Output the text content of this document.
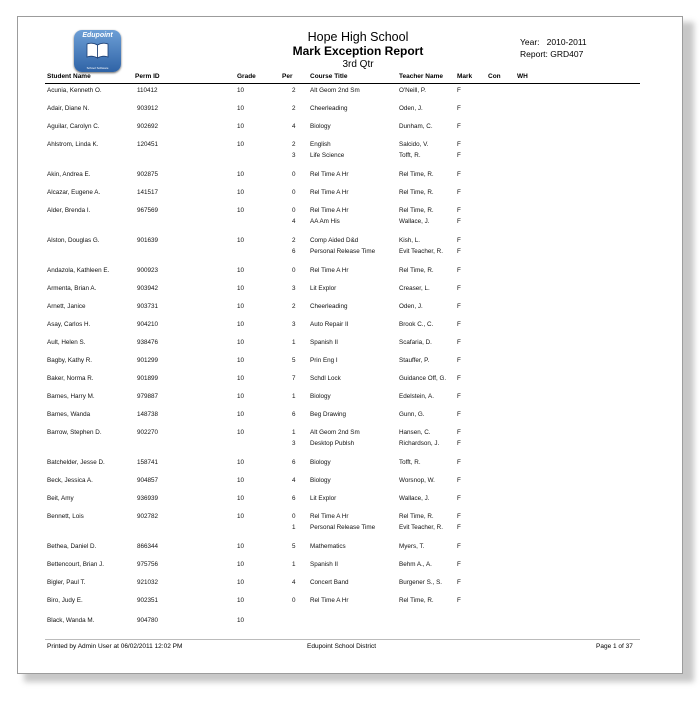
Edupoint
School Software
Hope High School
Mark Exception Report
3rd Qtr
Year: 2010-2011
Report: GRD407
Student Name	Perm ID	Grade	Per	Course Title	Teacher Name Mark Con	WH
Acunia, Kenneth O.	110412	10	2 Alt Geom 2nd Sm	O'Neill, P.	F
Adair, Diane N.	903912	10	2 Cheerleading	Oden, J.	F
Aguilar, Carolyn C.	902692	10	4 Biology	Dunham, C.	F
Ahlstrom, Linda K.	120451	10	2 English	Salcido, V.	F
3 Life Science	Tofft, R.	F
Akin, Andrea E.	902875	10	0 Rel Time A Hr	Rel Time, R.	F
Alcazar, Eugene A.	141517	10	0 Rel Time A Hr	Rel Time, R.	F
Alder, Brenda I.	967569	10	0 Rel Time A Hr	Rel Time, R.	F
4 AA Am His	Wallace, J.	F
Alston, Douglas G.	901639	10	2 Comp Aided D&d	Kish, L.	F
6 Personal Release Time	Evit Teacher, R. F
Andazola, Kathleen E.	900923	10	0 Rel Time A Hr	Rel Time, R.	F
Armenta, Brian A.	903942	10	3 Lit Explor	Creaser, L.	F
Arnett, Janice	903731	10	2 Cheerleading	Oden, J.	F
Asay, Carlos H.	904210	10	3 Auto Repair II	Brook C., C.	F
Ault, Helen S.	938476	10	1 Spanish II	Scafaria, D.	F
Bagby, Kathy R.	901299	10	5 Prin Eng I	Stauffer, P.	F
Baker, Norma R.	901899	10	7 Schdl Lock	Guidance Off, G. F
Barnes, Harry M.	979887	10	1 Biology	Edelstein, A.	F
Barnes, Wanda	148738	10	6 Beg Drawing	Gunn, G.	F
Barrow, Stephen D.	902270	10	1 Alt Geom 2nd Sm	Hansen, C.	F
3 Desktop Publsh	Richardson, J.	F
Batchelder, Jesse D.	158741	10	6 Biology	Tofft, R.	F
Beck, Jessica A.	904857	10	4 Biology	Worsnop, W.	F
Beit, Amy	936939	10	6 Lit Explor	Wallace, J.	F
Bennett, Lois	902782	10	0 Rel Time A Hr	Rel Time, R.	F
1 Personal Release Time	Evit Teacher, R. F
Bethea, Daniel D.	866344	10	5 Mathematics	Myers, T.	F
Bettencourt, Brian J.	975756	10	1 Spanish II	Behm A., A.	F
Bigler, Paul T.	921032	10	4 Concert Band	Burgener S., S. F
Biro, Judy E.	902351	10	0 Rel Time A Hr	Rel Time, R.	F
Black, Wanda M.	904780	10
Printed by Admin User at 06/02/2011 12:02 PM	Edupoint School District	Page 1 of 37
